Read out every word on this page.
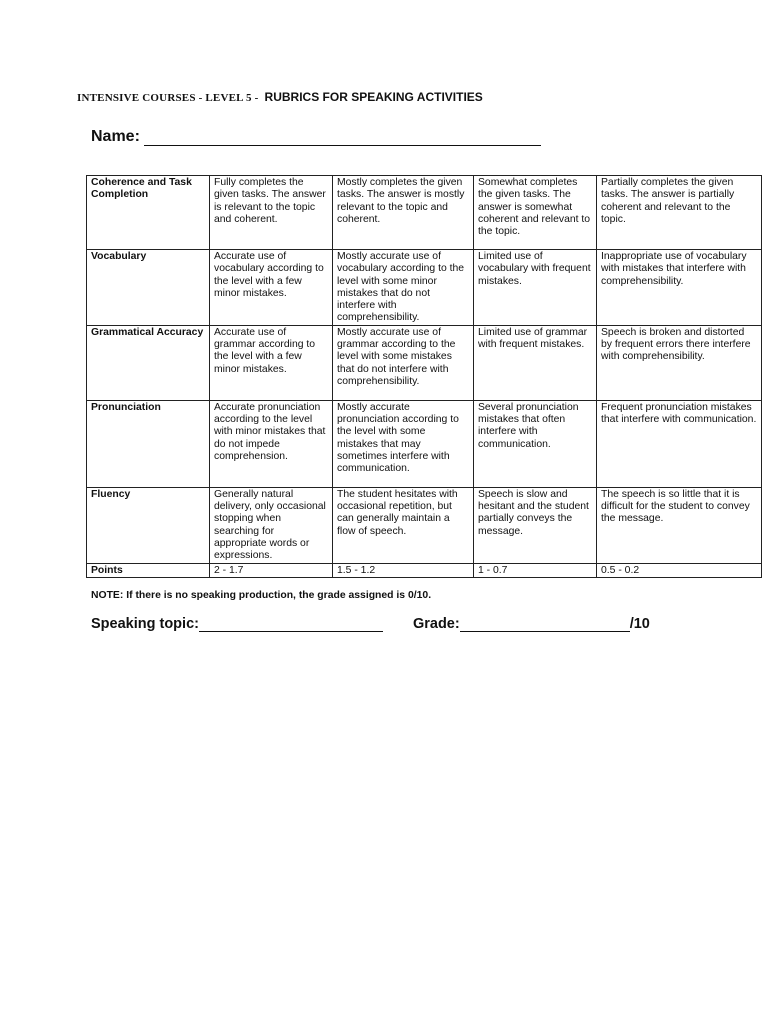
INTENSIVE COURSES - LEVEL 5 - RUBRICS FOR SPEAKING ACTIVITIES
Name:
Coherence and Task Completion	Fully completes the given tasks. The answer is relevant to the topic and coherent.	Mostly completes the given tasks. The answer is mostly relevant to the topic and coherent.	Somewhat completes the given tasks. The answer is somewhat coherent and relevant to the topic.	Partially completes the given tasks. The answer is partially coherent and relevant to the topic.
Vocabulary	Accurate use of vocabulary according to the level with a few minor mistakes.	Mostly accurate use of vocabulary according to the level with some minor mistakes that do not interfere with comprehensibility.	Limited use of vocabulary with frequent mistakes.	Inappropriate use of vocabulary with mistakes that interfere with comprehensibility.
Grammatical Accuracy	Accurate use of grammar according to the level with a few minor mistakes.	Mostly accurate use of grammar according to the level with some mistakes that do not interfere with comprehensibility.	Limited use of grammar with frequent mistakes.	Speech is broken and distorted by frequent errors there interfere with comprehensibility.
Pronunciation	Accurate pronunciation according to the level with minor mistakes that do not impede comprehension.	Mostly accurate pronunciation according to the level with some mistakes that may sometimes interfere with communication.	Several pronunciation mistakes that often interfere with communication.	Frequent pronunciation mistakes that interfere with communication.
Fluency	Generally natural delivery, only occasional stopping when searching for appropriate words or expressions.	The student hesitates with occasional repetition, but can generally maintain a flow of speech.	Speech is slow and hesitant and the student partially conveys the message.	The speech is so little that it is difficult for the student to convey the message.
Points	2 - 1.7	1.5 - 1.2	1 - 0.7	0.5 - 0.2
NOTE: If there is no speaking production, the grade assigned is 0/10.
Speaking topic:	Grade:	/10
